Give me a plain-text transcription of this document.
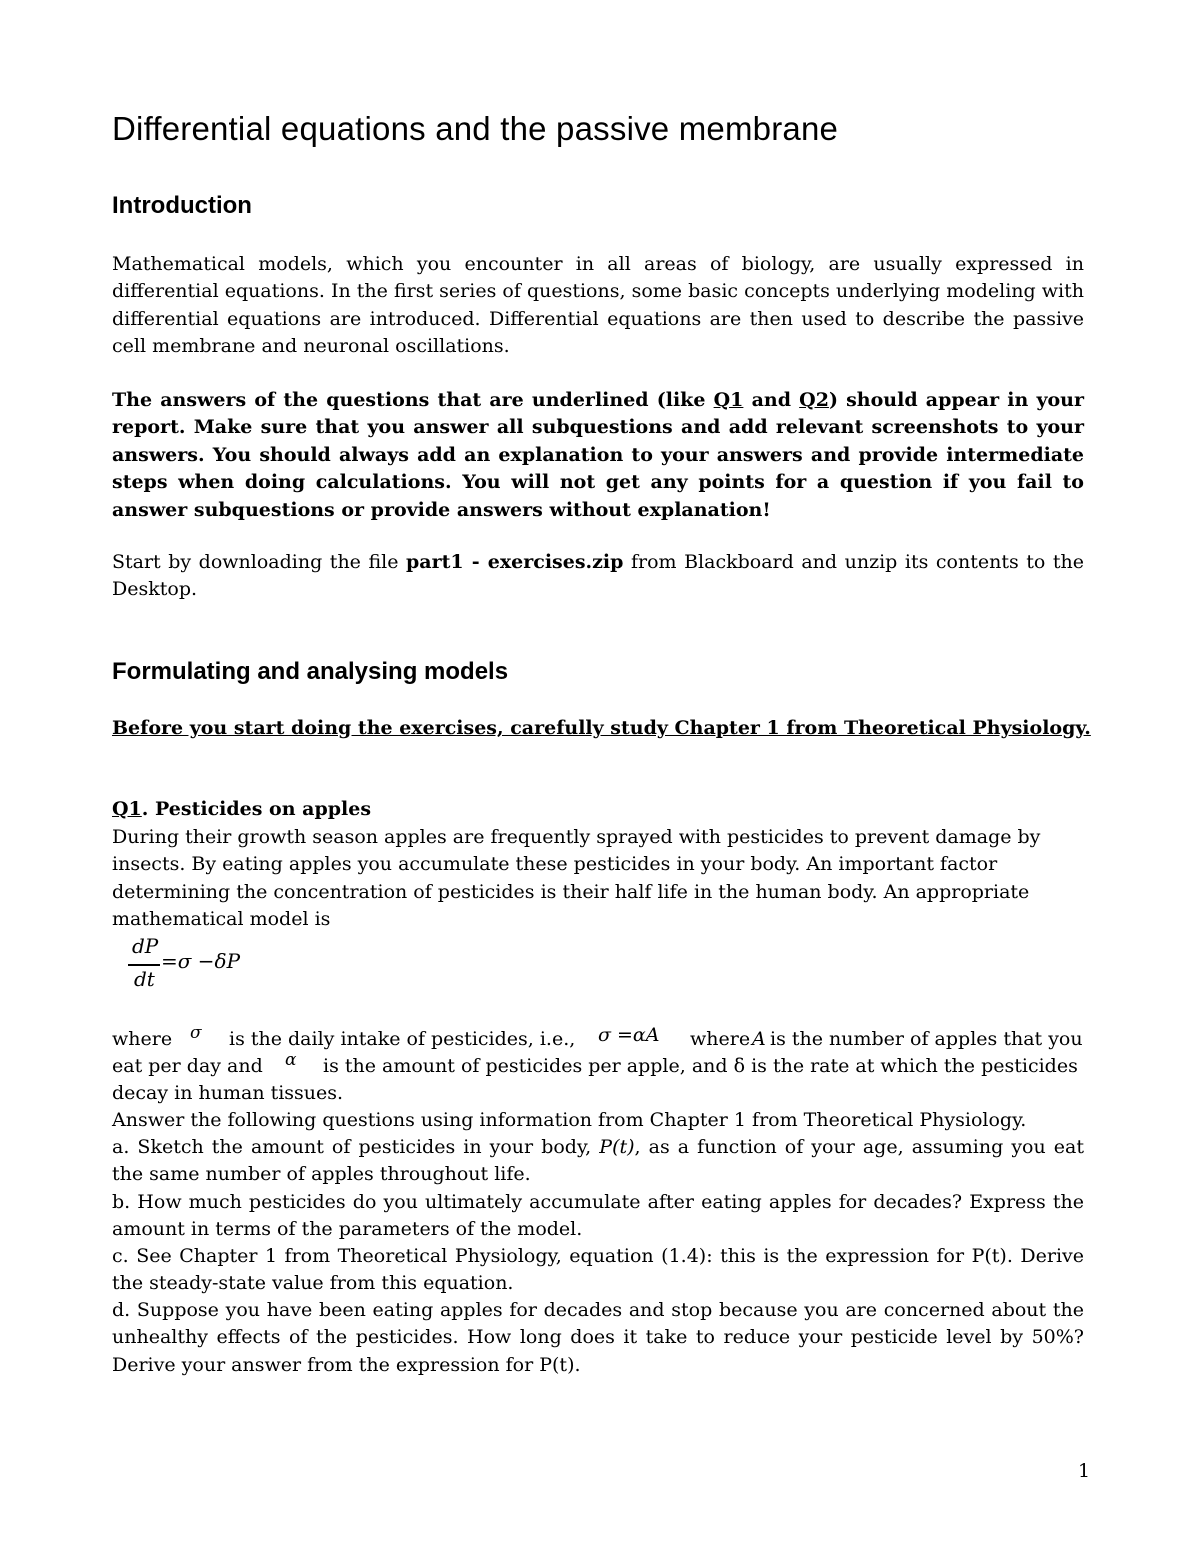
Differential equations and the passive membrane
Introduction
Mathematical models, which you encounter in all areas of biology, are usually expressed in differential equations. In the first series of questions, some basic concepts underlying modeling with differential equations are introduced. Differential equations are then used to describe the passive cell membrane and neuronal oscillations.
The answers of the questions that are underlined (like Q1 and Q2) should appear in your report. Make sure that you answer all subquestions and add relevant screenshots to your answers. You should always add an explanation to your answers and provide intermediate steps when doing calculations. You will not get any points for a question if you fail to answer subquestions or provide answers without explanation!
Start by downloading the file part1 - exercises.zip from Blackboard and unzip its contents to the Desktop.
Formulating and analysing models
Before you start doing the exercises, carefully study Chapter 1 from Theoretical Physiology.
Q1. Pesticides on apples
During their growth season apples are frequently sprayed with pesticides to prevent damage by insects. By eating apples you accumulate these pesticides in your body. An important factor determining the concentration of pesticides is their half life in the human body. An appropriate mathematical model is
dP
dt
=σ −δP
where σ is the daily intake of pesticides, i.e., σ =αA where A is the number of apples that you
eat per day and α is the amount of pesticides per apple, and δ is the rate at which the pesticides
decay in human tissues.
Answer the following questions using information from Chapter 1 from Theoretical Physiology.
a. Sketch the amount of pesticides in your body, P(t), as a function of your age, assuming you eat the same number of apples throughout life.
b. How much pesticides do you ultimately accumulate after eating apples for decades? Express the amount in terms of the parameters of the model.
c. See Chapter 1 from Theoretical Physiology, equation (1.4): this is the expression for P(t). Derive the steady-state value from this equation.
d. Suppose you have been eating apples for decades and stop because you are concerned about the unhealthy effects of the pesticides. How long does it take to reduce your pesticide level by 50%? Derive your answer from the expression for P(t).
1
